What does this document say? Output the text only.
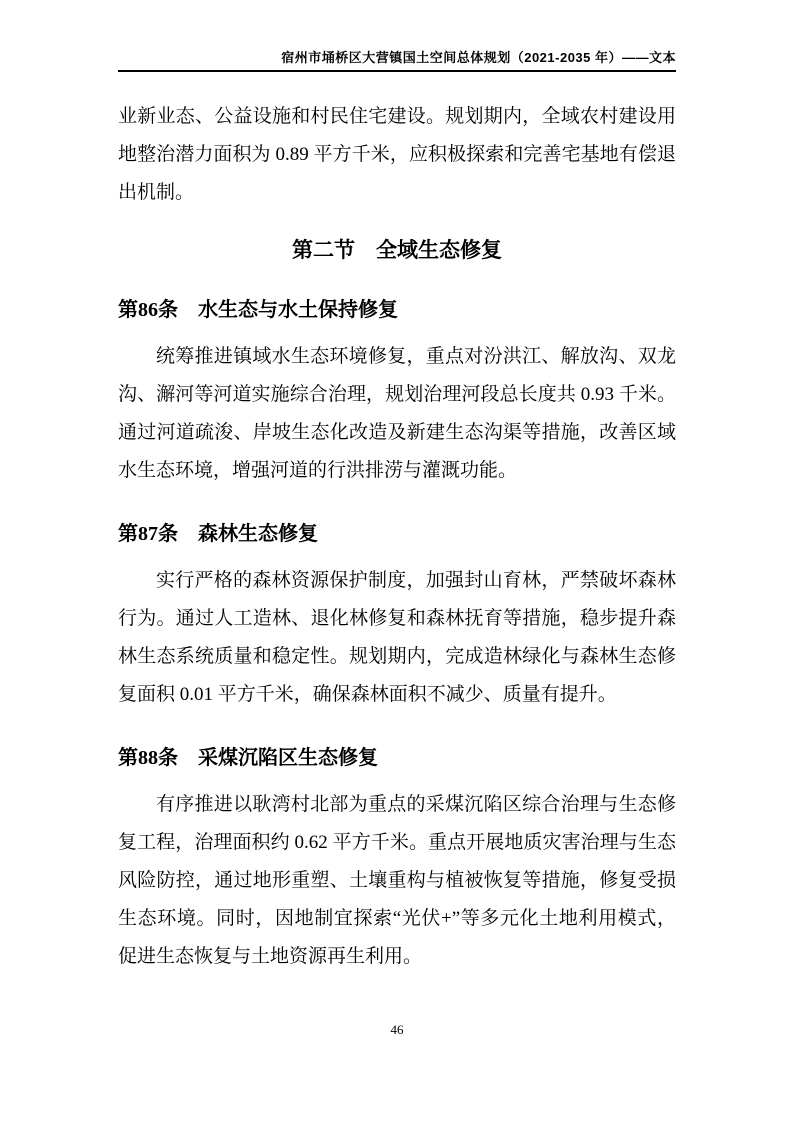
宿州市埇桥区大营镇国土空间总体规划（2021-2035 年）——文本

业新业态、公益设施和村民住宅建设。规划期内，全域农村建设用地整治潜力面积为 0.89 平方千米，应积极探索和完善宅基地有偿退出机制。

第二节　全域生态修复
第86条　水生态与水土保持修复

统筹推进镇域水生态环境修复，重点对汾洪江、解放沟、双龙沟、澥河等河道实施综合治理，规划治理河段总长度共 0.93 千米。通过河道疏浚、岸坡生态化改造及新建生态沟渠等措施，改善区域水生态环境，增强河道的行洪排涝与灌溉功能。

第87条　森林生态修复

实行严格的森林资源保护制度，加强封山育林，严禁破坏森林行为。通过人工造林、退化林修复和森林抚育等措施，稳步提升森林生态系统质量和稳定性。规划期内，完成造林绿化与森林生态修复面积 0.01 平方千米，确保森林面积不减少、质量有提升。

第88条　采煤沉陷区生态修复

有序推进以耿湾村北部为重点的采煤沉陷区综合治理与生态修复工程，治理面积约 0.62 平方千米。重点开展地质灾害治理与生态风险防控，通过地形重塑、土壤重构与植被恢复等措施，修复受损生态环境。同时，因地制宜探索“光伏+”等多元化土地利用模式，促进生态恢复与土地资源再生利用。

46
